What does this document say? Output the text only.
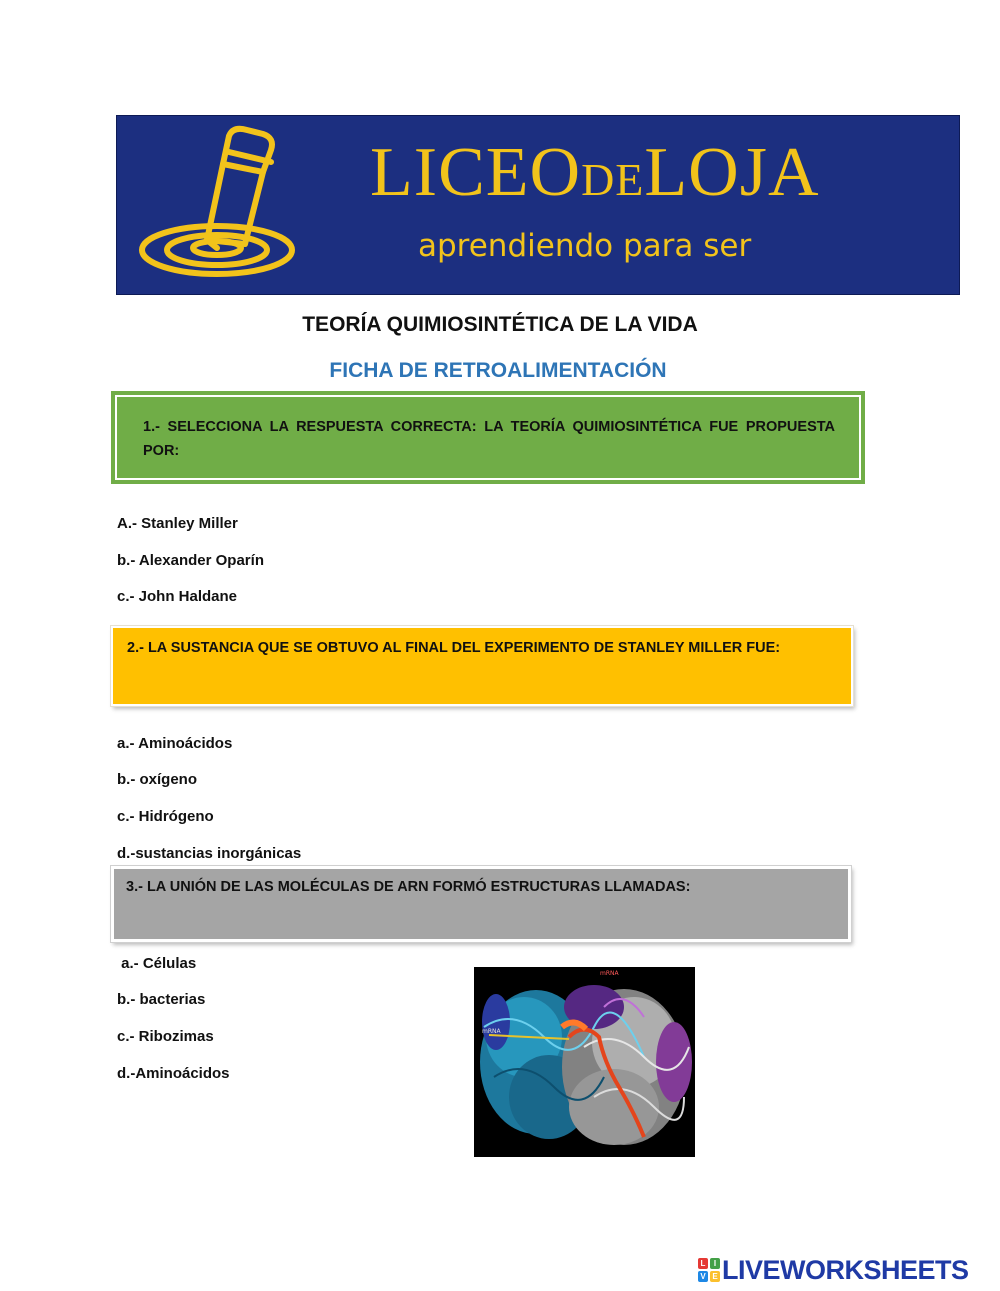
LICEODELOJA
aprendiendo para ser
TEORÍA QUIMIOSINTÉTICA DE LA VIDA
FICHA DE RETROALIMENTACIÓN
1.- SELECCIONA LA RESPUESTA CORRECTA: LA TEORÍA QUIMIOSINTÉTICA FUE PROPUESTA POR:
A.- Stanley Miller
b.- Alexander Oparín
c.- John Haldane
2.- LA SUSTANCIA QUE SE OBTUVO AL FINAL DEL EXPERIMENTO DE STANLEY MILLER FUE:
a.- Aminoácidos
b.- oxígeno
c.- Hidrógeno
d.-sustancias inorgánicas
3.- LA UNIÓN DE LAS MOLÉCULAS DE ARN FORMÓ ESTRUCTURAS LLAMADAS:
a.- Células
b.- bacterias
c.- Ribozimas
d.-Aminoácidos
mRNA
mRNA
L	I
V E LIVEWORKSHEETS
